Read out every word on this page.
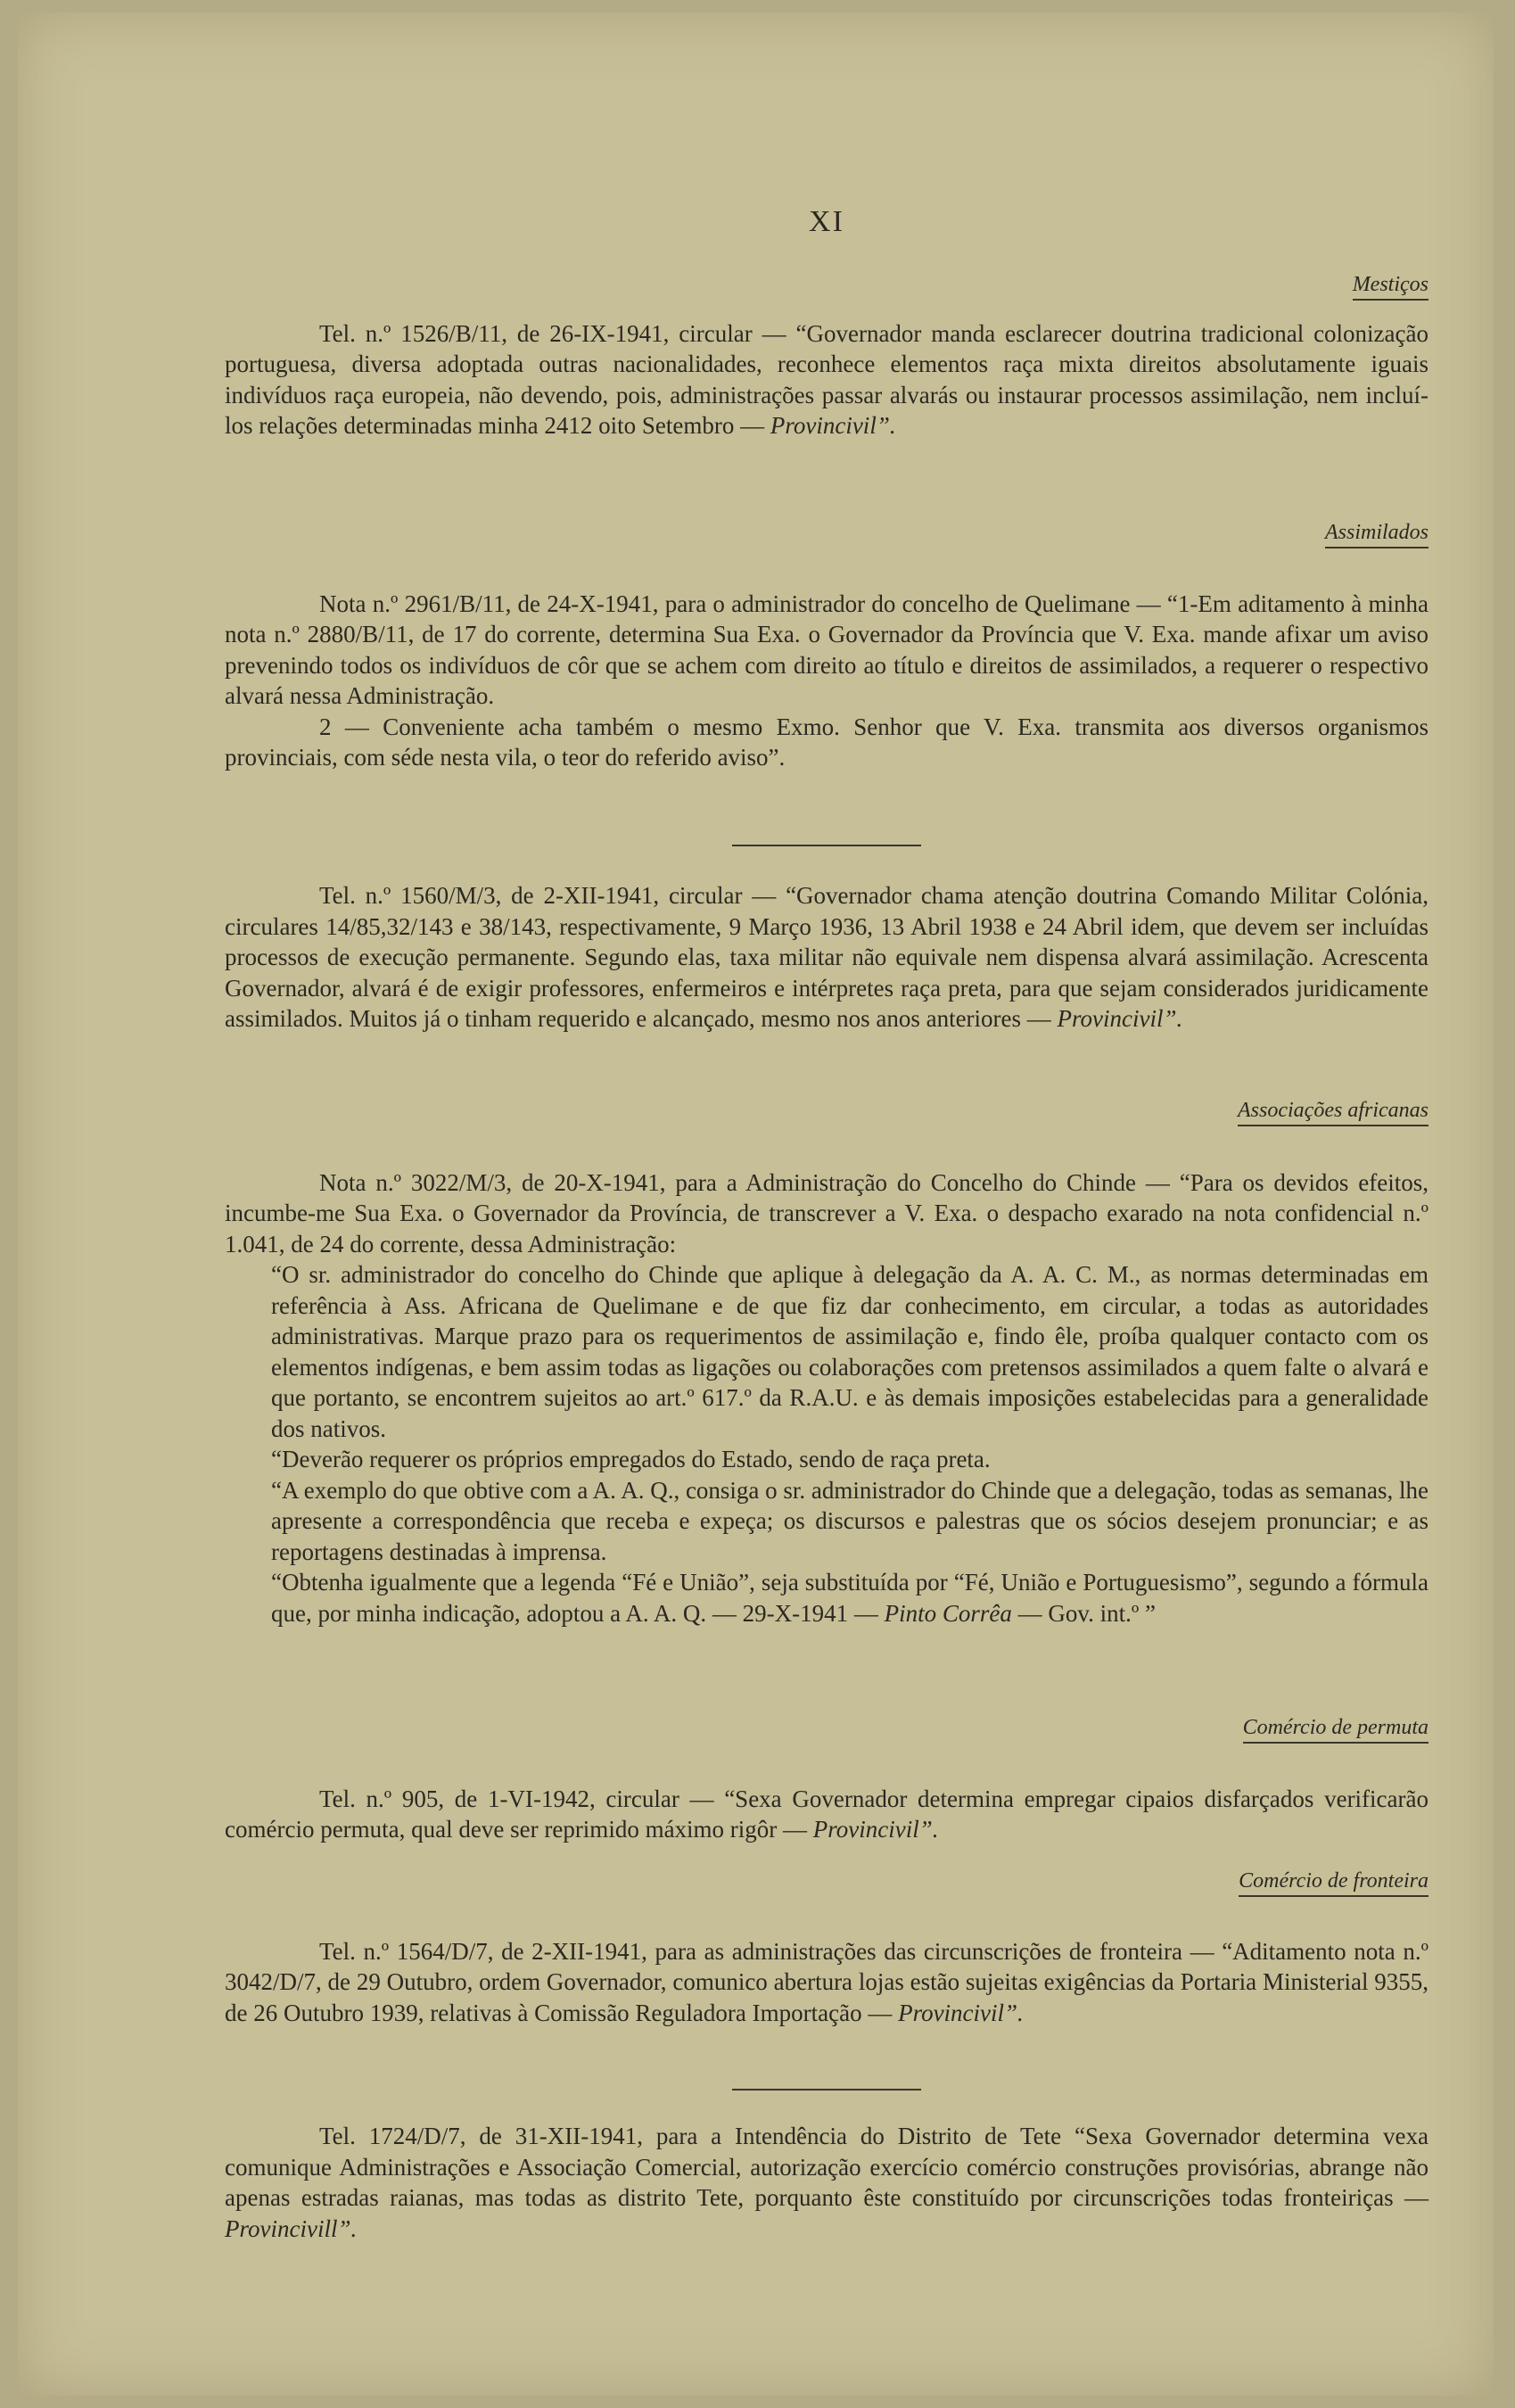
XI
Mestiços

Tel. n.º 1526/B/11, de 26-IX-1941, circular — “Governador manda esclarecer doutrina tradicional colonização portuguesa, diversa adoptada outras nacionalidades, reconhece elementos raça mixta direitos absolutamente iguais indivíduos raça europeia, não devendo, pois, administrações passar alvarás ou instaurar processos assimilação, nem incluí-los relações determinadas minha 2412 oito Setembro — Provincivil”.

Assimilados

Nota n.º 2961/B/11, de 24-X-1941, para o administrador do concelho de Quelimane — “1-Em aditamento à minha nota n.º 2880/B/11, de 17 do corrente, determina Sua Exa. o Governador da Província que V. Exa. mande afixar um aviso prevenindo todos os indivíduos de côr que se achem com direito ao título e direitos de assimilados, a requerer o respectivo alvará nessa Administração.

2 — Conveniente acha também o mesmo Exmo. Senhor que V. Exa. transmita aos diversos organismos provinciais, com séde nesta vila, o teor do referido aviso”.

Tel. n.º 1560/M/3, de 2-XII-1941, circular — “Governador chama atenção doutrina Comando Militar Colónia, circulares 14/85,32/143 e 38/143, respectivamente, 9 Março 1936, 13 Abril 1938 e 24 Abril idem, que devem ser incluídas processos de execução permanente. Segundo elas, taxa militar não equivale nem dispensa alvará assimilação. Acrescenta Governador, alvará é de exigir professores, enfermeiros e intérpretes raça preta, para que sejam considerados juridicamente assimilados. Muitos já o tinham requerido e alcançado, mesmo nos anos anteriores — Provincivil”.

Associações africanas

Nota n.º 3022/M/3, de 20-X-1941, para a Administração do Concelho do Chinde — “Para os devidos efeitos, incumbe-me Sua Exa. o Governador da Província, de transcrever a V. Exa. o despacho exarado na nota confidencial n.º 1.041, de 24 do corrente, dessa Administração:

“O sr. administrador do concelho do Chinde que aplique à delegação da A. A. C. M., as normas determinadas em referência à Ass. Africana de Quelimane e de que fiz dar conhecimento, em circular, a todas as autoridades administrativas. Marque prazo para os requerimentos de assimilação e, findo êle, proíba qualquer contacto com os elementos indígenas, e bem assim todas as ligações ou colaborações com pretensos assimilados a quem falte o alvará e que portanto, se encontrem sujeitos ao art.º 617.º da R.A.U. e às demais imposições estabelecidas para a generalidade dos nativos.

“Deverão requerer os próprios empregados do Estado, sendo de raça preta.

“A exemplo do que obtive com a A. A. Q., consiga o sr. administrador do Chinde que a delegação, todas as semanas, lhe apresente a correspondência que receba e expeça; os discursos e palestras que os sócios desejem pronunciar; e as reportagens destinadas à imprensa.

“Obtenha igualmente que a legenda “Fé e União”, seja substituída por “Fé, União e Portuguesismo”, segundo a fórmula que, por minha indicação, adoptou a A. A. Q. — 29-X-1941 — Pinto Corrêa — Gov. int.º ”

Comércio de permuta

Tel. n.º 905, de 1-VI-1942, circular — “Sexa Governador determina empregar cipaios disfarçados verificarão comércio permuta, qual deve ser reprimido máximo rigôr — Provincivil”.

Comércio de fronteira

Tel. n.º 1564/D/7, de 2-XII-1941, para as administrações das circunscrições de fronteira — “Aditamento nota n.º 3042/D/7, de 29 Outubro, ordem Governador, comunico abertura lojas estão sujeitas exigências da Portaria Ministerial 9355, de 26 Outubro 1939, relativas à Comissão Reguladora Importação — Provincivil”.

Tel. 1724/D/7, de 31-XII-1941, para a Intendência do Distrito de Tete “Sexa Governador determina vexa comunique Administrações e Associação Comercial, autorização exercício comércio construções provisórias, abrange não apenas estradas raianas, mas todas as distrito Tete, porquanto êste constituído por circunscrições todas fronteiriças — Provincivill”.
